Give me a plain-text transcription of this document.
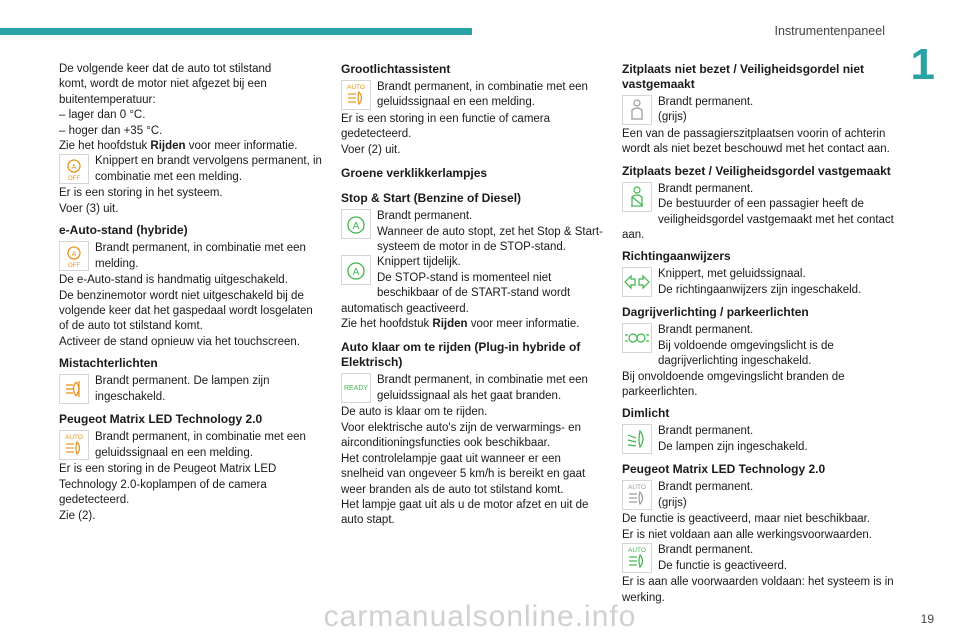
Instrumentenpaneel
1

De volgende keer dat de auto tot stilstand

komt, wordt de motor niet afgezet bij een

buitentemperatuur:

– lager dan 0 °C.

– hoger dan +35 °C.

Zie het hoofdstuk Rijden voor meer informatie.

A
OFF

Knippert en brandt vervolgens permanent, in combinatie met een melding.

Er is een storing in het systeem.

Voer (3) uit.

e-Auto-stand (hybride)
A
OFF

Brandt permanent, in combinatie met een melding.

De e-Auto-stand is handmatig uitgeschakeld.

De benzinemotor wordt niet uitgeschakeld bij de volgende keer dat het gaspedaal wordt losgelaten of de auto tot stilstand komt.

Activeer de stand opnieuw via het touchscreen.

Mistachterlichten

Brandt permanent. De lampen zijn ingeschakeld.

Peugeot Matrix LED Technology 2.0
AUTO	Brandt permanent, in combinatie met een geluidssignaal en een melding.

Er is een storing in de Peugeot Matrix LED Technology 2.0-koplampen of de camera gedetecteerd.

Zie (2).

Grootlichtassistent
AUTO	Brandt permanent, in combinatie met een geluidssignaal en een melding.

Er is een storing in een functie of camera gedetecteerd.

Voer (2) uit.

Groene verklikkerlampjes
Stop & Start (Benzine of Diesel)
A

Brandt permanent.

Wanneer de auto stopt, zet het Stop & Start-systeem de motor in de STOP-stand.

A

Knippert tijdelijk.

De STOP-stand is momenteel niet beschikbaar of de START-stand wordt automatisch geactiveerd.

Zie het hoofdstuk Rijden voor meer informatie.

Auto klaar om te rijden (Plug-in hybride of Elektrisch)
READY

Brandt permanent, in combinatie met een geluidssignaal als het gaat branden.

De auto is klaar om te rijden.

Voor elektrische auto's zijn de verwarmings- en airconditioningsfuncties ook beschikbaar.

Het controlelampje gaat uit wanneer er een snelheid van ongeveer 5 km/h is bereikt en gaat weer branden als de auto tot stilstand komt.

Het lampje gaat uit als u de motor afzet en uit de auto stapt.

Zitplaats niet bezet / Veiligheidsgordel niet vastgemaakt

Brandt permanent.

(grijs)

Een van de passagierszitplaatsen voorin of achterin wordt als niet bezet beschouwd met het contact aan.

Zitplaats bezet / Veiligheidsgordel vastgemaakt

Brandt permanent.

De bestuurder of een passagier heeft de veiligheidsgordel vastgemaakt met het contact aan.

Richtingaanwijzers

Knippert, met geluidssignaal.

De richtingaanwijzers zijn ingeschakeld.

Dagrijverlichting / parkeerlichten

Brandt permanent.

Bij voldoende omgevingslicht is de dagrijverlichting ingeschakeld.

Bij onvoldoende omgevingslicht branden de parkeerlichten.

Dimlicht

Brandt permanent.

De lampen zijn ingeschakeld.

Peugeot Matrix LED Technology 2.0
AUTO	Brandt permanent.

(grijs)

De functie is geactiveerd, maar niet beschikbaar.

Er is niet voldaan aan alle werkingsvoorwaarden.

AUTO	Brandt permanent.

De functie is geactiveerd.

Er is aan alle voorwaarden voldaan: het systeem is in werking.

carmanualsonline.info	19
